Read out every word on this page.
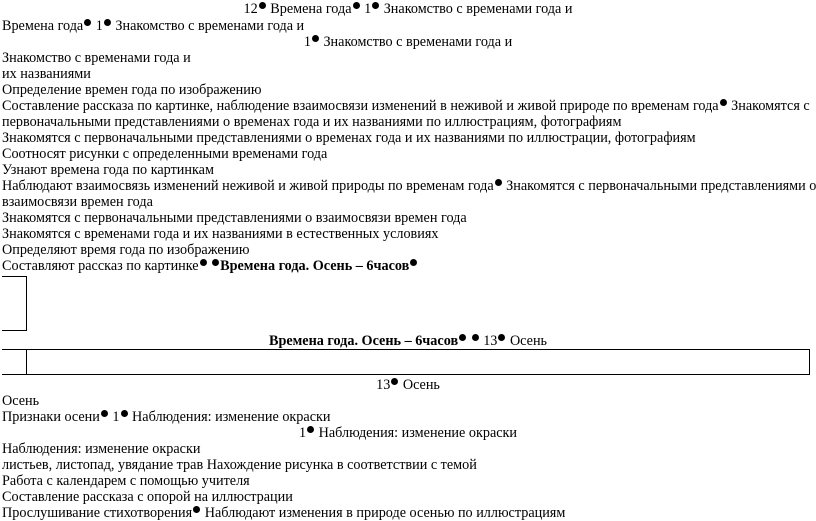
12 Времена года 1 Знакомство с временами года и
Времена года 1 Знакомство с временами года и
1 Знакомство с временами года и
Знакомство с временами года и
их названиями
Определение времен года по изображению
Составление рассказа по картинке, наблюдение взаимосвязи изменений в неживой и живой природе по временам года Знакомятся с
первоначальными представлениями о временах года и их названиями по иллюстрациям, фотографиям
Знакомятся с первоначальными представлениями о временах года и их названиями по иллюстрации, фотографиям
Соотносят рисунки с определенными временами года
Узнают времена года по картинкам
Наблюдают взаимосвязь изменений неживой и живой природы по временам года Знакомятся с первоначальными представлениями о
взаимосвязи времен года
Знакомятся с первоначальными представлениями о взаимосвязи времен года
Знакомятся с временами года и их названиями в естественных условиях
Определяют время года по изображению
Составляют рассказ по картинке Времена года. Осень – 6часов
Времена года. Осень – 6часов 13 Осень
13 Осень
Осень
Признаки осени 1 Наблюдения: изменение окраски
1 Наблюдения: изменение окраски
Наблюдения: изменение окраски
листьев, листопад, увядание трав Нахождение рисунка в соответствии с темой
Работа с календарем с помощью учителя
Составление рассказа с опорой на иллюстрации
Прослушивание стихотворения Наблюдают изменения в природе осенью по иллюстрациям
